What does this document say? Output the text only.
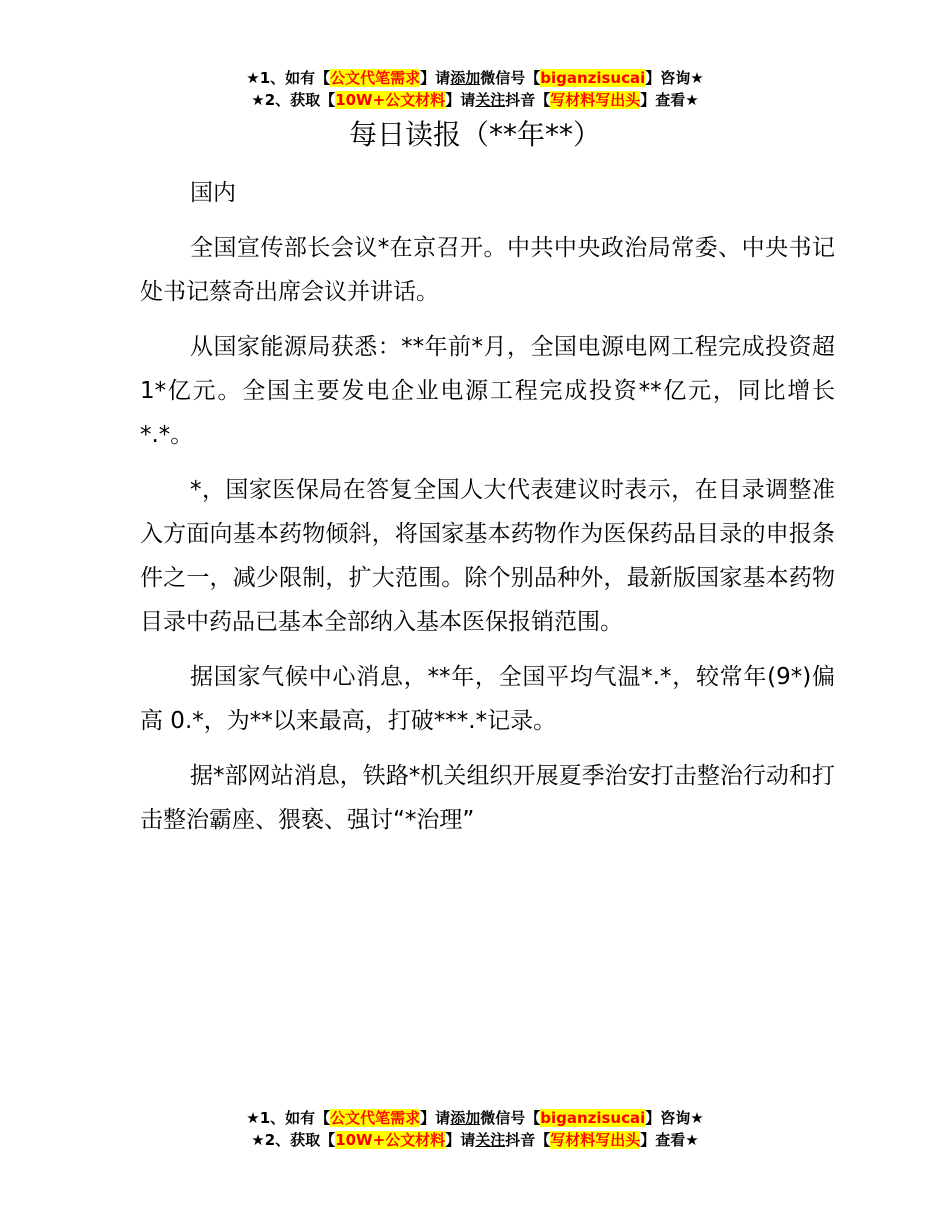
★1、如有【公文代笔需求】请添加微信号【biganzisucai】咨询★
★2、获取【10W+公文材料】请关注抖音【写材料写出头】查看★
每日读报（**年**）

国内

全国宣传部长会议*在京召开。中共中央政治局常委、中央书记处书记蔡奇出席会议并讲话。

从国家能源局获悉：**年前*月，全国电源电网工程完成投资超 1*亿元。全国主要发电企业电源工程完成投资**亿元，同比增长*.*。

*，国家医保局在答复全国人大代表建议时表示，在目录调整准入方面向基本药物倾斜，将国家基本药物作为医保药品目录的申报条件之一，减少限制，扩大范围。除个别品种外，最新版国家基本药物目录中药品已基本全部纳入基本医保报销范围。

据国家气候中心消息，**年，全国平均气温*.*，较常年(9*)偏高 0.*，为**以来最高，打破***.*记录。

据*部网站消息，铁路*机关组织开展夏季治安打击整治行动和打击整治霸座、猥亵、强讨“*治理”

★1、如有【公文代笔需求】请添加微信号【biganzisucai】咨询★
★2、获取【10W+公文材料】请关注抖音【写材料写出头】查看★
